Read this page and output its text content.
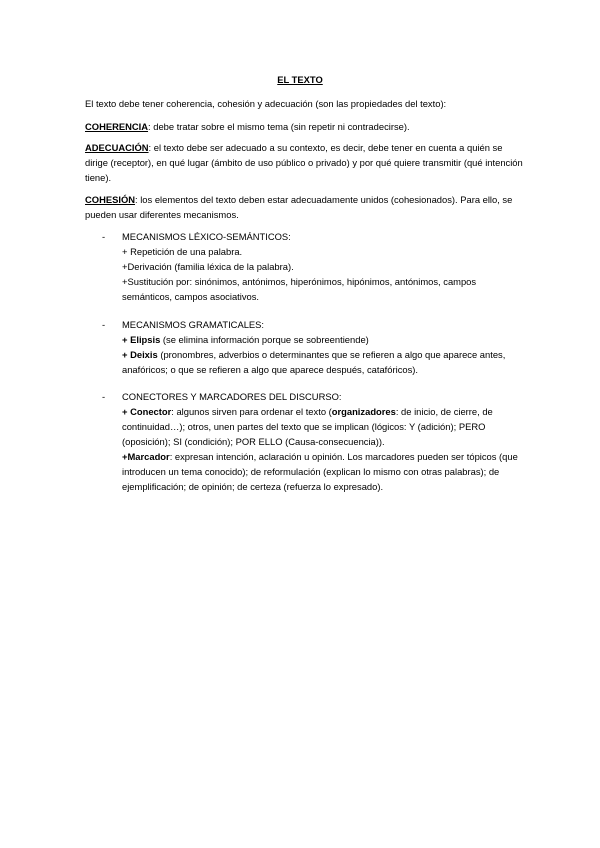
EL TEXTO

El texto debe tener coherencia, cohesión y adecuación (son las propiedades del texto):

COHERENCIA: debe tratar sobre el mismo tema (sin repetir ni contradecirse).

ADECUACIÓN: el texto debe ser adecuado a su contexto, es decir, debe tener en cuenta a quién se dirige (receptor), en qué lugar (ámbito de uso público o privado) y por qué quiere transmitir (qué intención tiene).

COHESIÓN: los elementos del texto deben estar adecuadamente unidos (cohesionados). Para ello, se pueden usar diferentes mecanismos.

-	MECANISMOS LÉXICO-SEMÁNTICOS:
+ Repetición de una palabra.
+Derivación (familia léxica de la palabra).
+Sustitución por: sinónimos, antónimos, hiperónimos, hipónimos, antónimos, campos semánticos, campos asociativos.
-	MECANISMOS GRAMATICALES:
+ Elipsis (se elimina información porque se sobreentiende)
+ Deixis (pronombres, adverbios o determinantes que se refieren a algo que aparece antes, anafóricos; o que se refieren a algo que aparece después, catafóricos).
-	CONECTORES Y MARCADORES DEL DISCURSO:
+ Conector: algunos sirven para ordenar el texto (organizadores: de inicio, de cierre, de continuidad…); otros, unen partes del texto que se implican (lógicos: Y (adición); PERO (oposición); SI (condición); POR ELLO (Causa-consecuencia)).
+Marcador: expresan intención, aclaración u opinión. Los marcadores pueden ser tópicos (que introducen un tema conocido); de reformulación (explican lo mismo con otras palabras); de ejemplificación; de opinión; de certeza (refuerza lo expresado).
